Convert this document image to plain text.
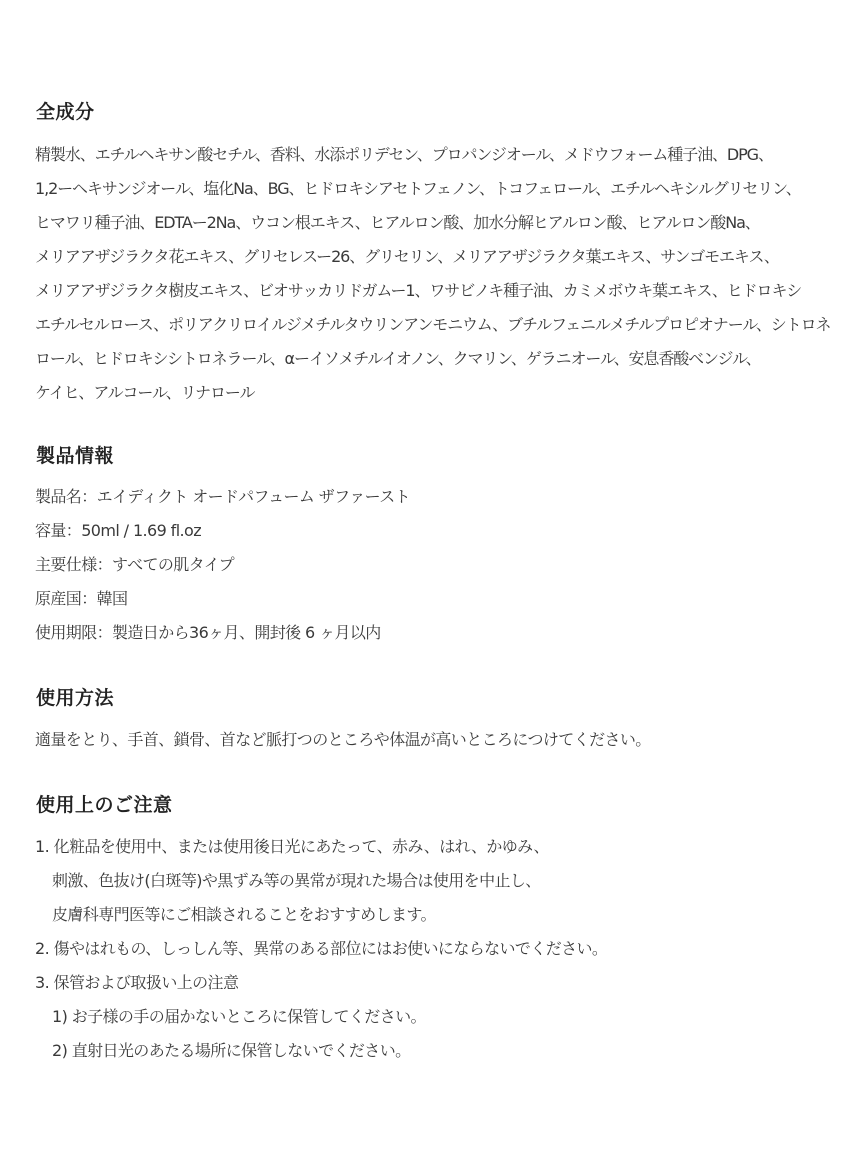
全成分
精製水、エチルヘキサン酸セチル、香料、水添ポリデセン、プロパンジオール、メドウフォーム種子油、DPG、
1,2ーヘキサンジオール、塩化Na、BG、ヒドロキシアセトフェノン、トコフェロール、エチルヘキシルグリセリン、
ヒマワリ種子油、EDTAー2Na、ウコン根エキス、ヒアルロン酸、加水分解ヒアルロン酸、ヒアルロン酸Na、
メリアアザジラクタ花エキス、グリセレスー26、グリセリン、メリアアザジラクタ葉エキス、サンゴモエキス、
メリアアザジラクタ樹皮エキス、ビオサッカリドガムー1、ワサビノキ種子油、カミメボウキ葉エキス、ヒドロキシ
エチルセルロース、ポリアクリロイルジメチルタウリンアンモニウム、ブチルフェニルメチルプロピオナール、シトロネ
ロール、ヒドロキシシトロネラール、αーイソメチルイオノン、クマリン、ゲラニオール、安息香酸ベンジル、
ケイヒ、アルコール、リナロール
製品情報
製品名：エイディクト オードパフューム ザファースト
容量：50ml / 1.69 fl.oz
主要仕様：すべての肌タイプ
原産国：韓国
使用期限：製造日から36ヶ月、開封後 6 ヶ月以内
使用方法
適量をとり、手首、鎖骨、首など脈打つのところや体温が高いところにつけてください。
使用上のご注意
1. 化粧品を使用中、または使用後日光にあたって、赤み、はれ、かゆみ、
刺激、色抜け(白斑等)や黒ずみ等の異常が現れた場合は使用を中止し、
皮膚科専門医等にご相談されることをおすすめします。
2. 傷やはれもの、しっしん等、異常のある部位にはお使いにならないでください。
3. 保管および取扱い上の注意
1) お子様の手の届かないところに保管してください。
2) 直射日光のあたる場所に保管しないでください。
